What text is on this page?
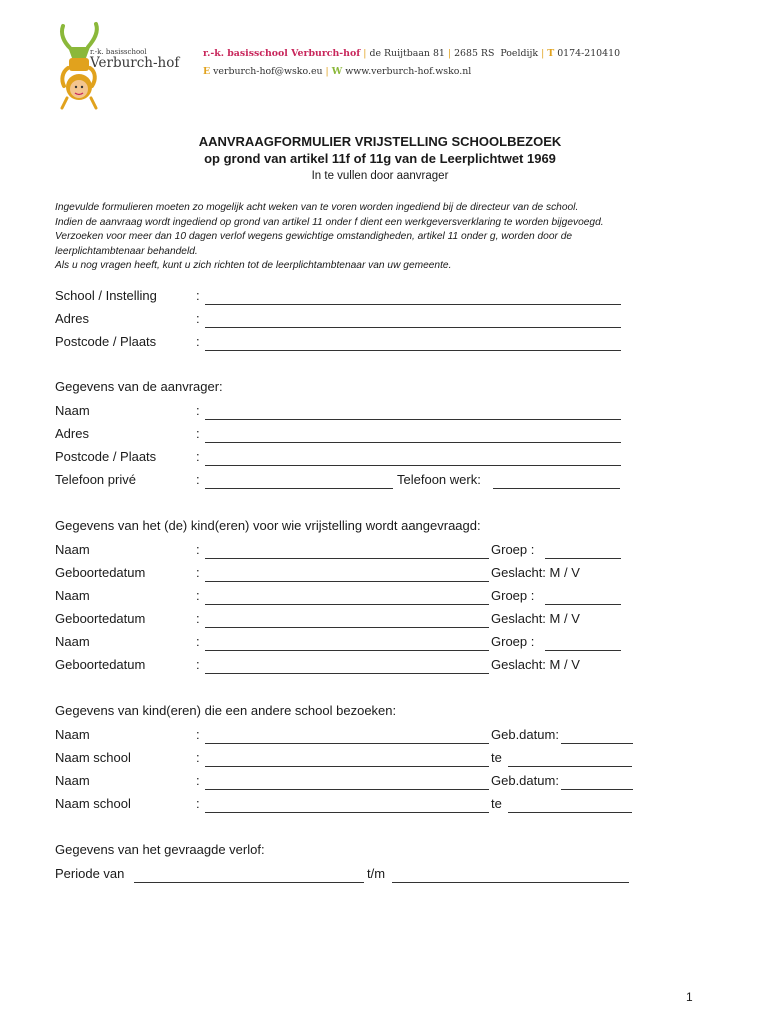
r.-k. basisschool
Verburch-hof
r.-k. basisschool Verburch-hof | de Ruijtbaan 81 | 2685 RS Poeldijk | T 0174-210410
E verburch-hof@wsko.eu | W www.verburch-hof.wsko.nl
AANVRAAGFORMULIER VRIJSTELLING SCHOOLBEZOEK
op grond van artikel 11f of 11g van de Leerplichtwet 1969
In te vullen door aanvrager
Ingevulde formulieren moeten zo mogelijk acht weken van te voren worden ingediend bij de directeur van de school.
Indien de aanvraag wordt ingediend op grond van artikel 11 onder f dient een werkgeversverklaring te worden bijgevoegd.
Verzoeken voor meer dan 10 dagen verlof wegens gewichtige omstandigheden, artikel 11 onder g, worden door de
leerplichtambtenaar behandeld.
Als u nog vragen heeft, kunt u zich richten tot de leerplichtambtenaar van uw gemeente.
School / Instelling	:
Adres	:
Postcode / Plaats	:
Gegevens van de aanvrager:
Naam	:
Adres	:
Postcode / Plaats	:
Telefoon privé	:	Telefoon werk:
Gegevens van het (de) kind(eren) voor wie vrijstelling wordt aangevraagd:
Naam	:	Groep :
Geboortedatum	:	Geslacht: M / V
Naam	:	Groep :
Geboortedatum	:	Geslacht: M / V
Naam	:	Groep :
Geboortedatum	:	Geslacht: M / V
Gegevens van kind(eren) die een andere school bezoeken:
Naam	:	Geb.datum:
Naam school	:	te
Naam	:	Geb.datum:
Naam school	:	te
Gegevens van het gevraagde verlof:
Periode van	t/m
1
